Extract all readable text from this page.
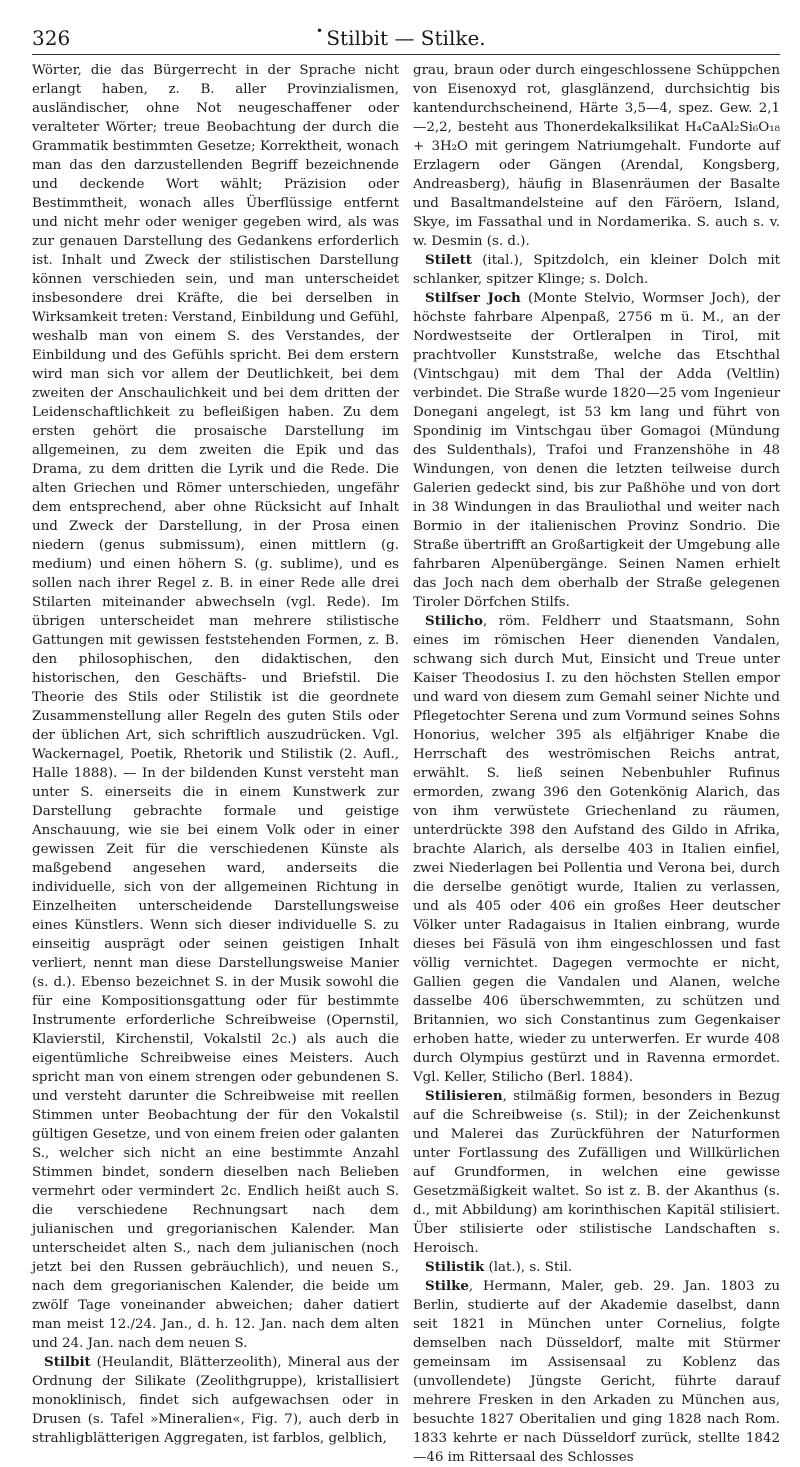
326	• Stilbit — Stilke.

Wörter, die das Bürgerrecht in der Sprache nicht erlangt haben, z. B. aller Provinzialismen, ausländischer, ohne Not neugeschaffener oder veralteter Wörter; treue Beobachtung der durch die Grammatik bestimmten Gesetze; Korrektheit, wonach man das den darzustellenden Begriff bezeichnende und deckende Wort wählt; Präzision oder Bestimmtheit, wonach alles Überflüssige entfernt und nicht mehr oder weniger gegeben wird, als was zur genauen Darstellung des Gedankens erforderlich ist. Inhalt und Zweck der stilistischen Darstellung können verschieden sein, und man unterscheidet insbesondere drei Kräfte, die bei derselben in Wirksamkeit treten: Verstand, Einbildung und Gefühl, weshalb man von einem S. des Verstandes, der Einbildung und des Gefühls spricht. Bei dem erstern wird man sich vor allem der Deutlichkeit, bei dem zweiten der Anschaulichkeit und bei dem dritten der Leidenschaftlichkeit zu befleißigen haben. Zu dem ersten gehört die prosaische Darstellung im allgemeinen, zu dem zweiten die Epik und das Drama, zu dem dritten die Lyrik und die Rede. Die alten Griechen und Römer unterschieden, ungefähr dem entsprechend, aber ohne Rücksicht auf Inhalt und Zweck der Darstellung, in der Prosa einen niedern (genus submissum), einen mittlern (g. medium) und einen höhern S. (g. sublime), und es sollen nach ihrer Regel z. B. in einer Rede alle drei Stilarten miteinander abwechseln (vgl. Rede). Im übrigen unterscheidet man mehrere stilistische Gattungen mit gewissen feststehenden Formen, z. B. den philosophischen, den didaktischen, den historischen, den Geschäfts- und Briefstil. Die Theorie des Stils oder Stilistik ist die geordnete Zusammenstellung aller Regeln des guten Stils oder der üblichen Art, sich schriftlich auszudrücken. Vgl. Wackernagel, Poetik, Rhetorik und Stilistik (2. Aufl., Halle 1888). — In der bildenden Kunst versteht man unter S. einerseits die in einem Kunstwerk zur Darstellung gebrachte formale und geistige Anschauung, wie sie bei einem Volk oder in einer gewissen Zeit für die verschiedenen Künste als maßgebend angesehen ward, anderseits die individuelle, sich von der allgemeinen Richtung in Einzelheiten unterscheidende Darstellungsweise eines Künstlers. Wenn sich dieser individuelle S. zu einseitig ausprägt oder seinen geistigen Inhalt verliert, nennt man diese Darstellungsweise Manier (s. d.). Ebenso bezeichnet S. in der Musik sowohl die für eine Kompositionsgattung oder für bestimmte Instrumente erforderliche Schreibweise (Opernstil, Klavierstil, Kirchenstil, Vokalstil 2c.) als auch die eigentümliche Schreibweise eines Meisters. Auch spricht man von einem strengen oder gebundenen S. und versteht darunter die Schreibweise mit reellen Stimmen unter Beobachtung der für den Vokalstil gültigen Gesetze, und von einem freien oder galanten S., welcher sich nicht an eine bestimmte Anzahl Stimmen bindet, sondern dieselben nach Belieben vermehrt oder vermindert 2c. Endlich heißt auch S. die verschiedene Rechnungsart nach dem julianischen und gregorianischen Kalender. Man unterscheidet alten S., nach dem julianischen (noch jetzt bei den Russen gebräuchlich), und neuen S., nach dem gregorianischen Kalender, die beide um zwölf Tage voneinander abweichen; daher datiert man meist 12./24. Jan., d. h. 12. Jan. nach dem alten und 24. Jan. nach dem neuen S.

Stilbit (Heulandit, Blätterzeolith), Mineral aus der Ordnung der Silikate (Zeolithgruppe), kristallisiert monoklinisch, findet sich aufgewachsen oder in Drusen (s. Tafel »Mineralien«, Fig. 7), auch derb in strahligblätterigen Aggregaten, ist farblos, gelblich,

grau, braun oder durch eingeschlossene Schüppchen von Eisenoxyd rot, glasglänzend, durchsichtig bis kantendurchscheinend, Härte 3,5—4, spez. Gew. 2,1—2,2, besteht aus Thonerdekalksilikat H₄CaAl₂Si₆O₁₈ + 3H₂O mit geringem Natriumgehalt. Fundorte auf Erzlagern oder Gängen (Arendal, Kongsberg, Andreasberg), häufig in Blasenräumen der Basalte und Basaltmandelsteine auf den Färöern, Island, Skye, im Fassathal und in Nordamerika. S. auch s. v. w. Desmin (s. d.).

Stilett (ital.), Spitzdolch, ein kleiner Dolch mit schlanker, spitzer Klinge; s. Dolch.

Stilfser Joch (Monte Stelvio, Wormser Joch), der höchste fahrbare Alpenpaß, 2756 m ü. M., an der Nordwestseite der Ortleralpen in Tirol, mit prachtvoller Kunststraße, welche das Etschthal (Vintschgau) mit dem Thal der Adda (Veltlin) verbindet. Die Straße wurde 1820—25 vom Ingenieur Donegani angelegt, ist 53 km lang und führt von Spondinig im Vintschgau über Gomagoi (Mündung des Suldenthals), Trafoi und Franzenshöhe in 48 Windungen, von denen die letzten teilweise durch Galerien gedeckt sind, bis zur Paßhöhe und von dort in 38 Windungen in das Brauliothal und weiter nach Bormio in der italienischen Provinz Sondrio. Die Straße übertrifft an Großartigkeit der Umgebung alle fahrbaren Alpenübergänge. Seinen Namen erhielt das Joch nach dem oberhalb der Straße gelegenen Tiroler Dörfchen Stilfs.

Stilicho, röm. Feldherr und Staatsmann, Sohn eines im römischen Heer dienenden Vandalen, schwang sich durch Mut, Einsicht und Treue unter Kaiser Theodosius I. zu den höchsten Stellen empor und ward von diesem zum Gemahl seiner Nichte und Pflegetochter Serena und zum Vormund seines Sohns Honorius, welcher 395 als elfjähriger Knabe die Herrschaft des weströmischen Reichs antrat, erwählt. S. ließ seinen Nebenbuhler Rufinus ermorden, zwang 396 den Gotenkönig Alarich, das von ihm verwüstete Griechenland zu räumen, unterdrückte 398 den Aufstand des Gildo in Afrika, brachte Alarich, als derselbe 403 in Italien einfiel, zwei Niederlagen bei Pollentia und Verona bei, durch die derselbe genötigt wurde, Italien zu verlassen, und als 405 oder 406 ein großes Heer deutscher Völker unter Radagaisus in Italien einbrang, wurde dieses bei Fäsulä von ihm eingeschlossen und fast völlig vernichtet. Dagegen vermochte er nicht, Gallien gegen die Vandalen und Alanen, welche dasselbe 406 überschwemmten, zu schützen und Britannien, wo sich Constantinus zum Gegenkaiser erhoben hatte, wieder zu unterwerfen. Er wurde 408 durch Olympius gestürzt und in Ravenna ermordet. Vgl. Keller, Stilicho (Berl. 1884).

Stilisieren, stilmäßig formen, besonders in Bezug auf die Schreibweise (s. Stil); in der Zeichenkunst und Malerei das Zurückführen der Naturformen unter Fortlassung des Zufälligen und Willkürlichen auf Grundformen, in welchen eine gewisse Gesetzmäßigkeit waltet. So ist z. B. der Akanthus (s. d., mit Abbildung) am korinthischen Kapitäl stilisiert. Über stilisierte oder stilistische Landschaften s. Heroisch.

Stilistik (lat.), s. Stil.

Stilke, Hermann, Maler, geb. 29. Jan. 1803 zu Berlin, studierte auf der Akademie daselbst, dann seit 1821 in München unter Cornelius, folgte demselben nach Düsseldorf, malte mit Stürmer gemeinsam im Assisensaal zu Koblenz das (unvollendete) Jüngste Gericht, führte darauf mehrere Fresken in den Arkaden zu München aus, besuchte 1827 Oberitalien und ging 1828 nach Rom. 1833 kehrte er nach Düsseldorf zurück, stellte 1842—46 im Rittersaal des Schlosses
